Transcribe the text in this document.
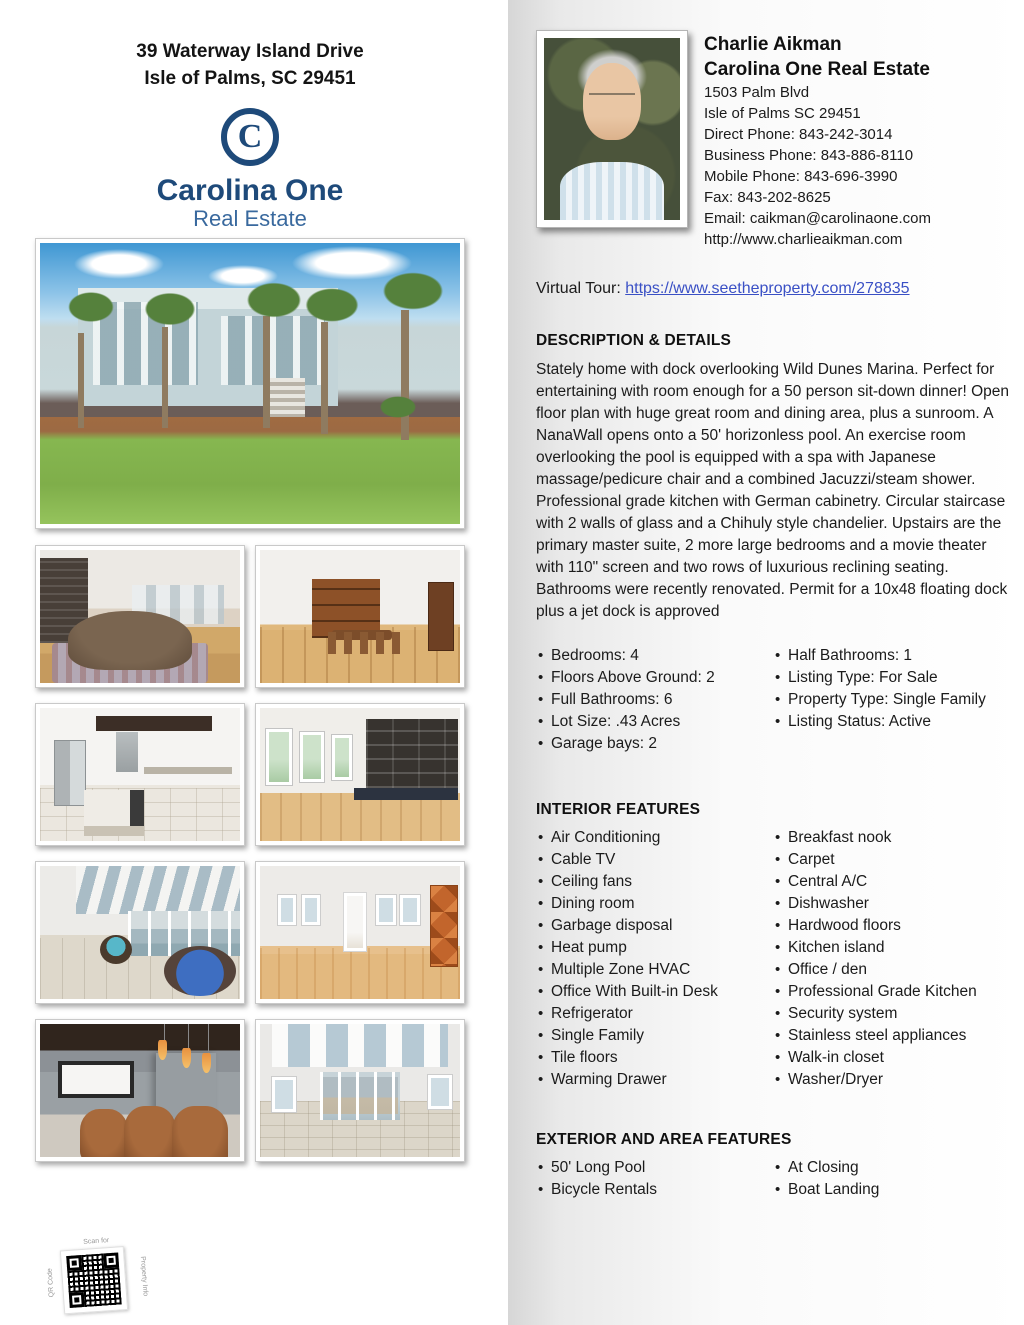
39 Waterway Island Drive
Isle of Palms, SC 29451
C
Carolina One
Real Estate
Scan for
QR Code	Property Info
Charlie Aikman
Carolina One Real Estate
1503 Palm Blvd
Isle of Palms SC 29451
Direct Phone: 843-242-3014
Business Phone: 843-886-8110
Mobile Phone: 843-696-3990
Fax: 843-202-8625
Email: caikman@carolinaone.com
http://www.charlieaikman.com
Virtual Tour: https://www.seetheproperty.com/278835
DESCRIPTION & DETAILS
Stately home with dock overlooking Wild Dunes Marina. Perfect for entertaining with room enough for a 50 person sit-down dinner! Open floor plan with huge great room and dining area, plus a sunroom. A NanaWall opens onto a 50' horizonless pool. An exercise room overlooking the pool is equipped with a spa with Japanese massage/pedicure chair and a combined Jacuzzi/steam shower. Professional grade kitchen with German cabinetry. Circular staircase with 2 walls of glass and a Chihuly style chandelier. Upstairs are the primary master suite, 2 more large bedrooms and a movie theater with 110" screen and two rows of luxurious reclining seating. Bathrooms were recently renovated. Permit for a 10x48 floating dock plus a jet dock is approved
• Bedrooms: 4
• Floors Above Ground: 2
• Full Bathrooms: 6
• Lot Size: .43 Acres
• Garage bays: 2
• Half Bathrooms: 1
• Listing Type: For Sale
• Property Type: Single Family
• Listing Status: Active
INTERIOR FEATURES
• Air Conditioning
• Cable TV
• Ceiling fans
• Dining room
• Garbage disposal
• Heat pump
• Multiple Zone HVAC
• Office With Built-in Desk
• Refrigerator
• Single Family
• Tile floors
• Warming Drawer
• Breakfast nook
• Carpet
• Central A/C
• Dishwasher
• Hardwood floors
• Kitchen island
• Office / den
• Professional Grade Kitchen
• Security system
• Stainless steel appliances
• Walk-in closet
• Washer/Dryer
EXTERIOR AND AREA FEATURES
• 50' Long Pool
• Bicycle Rentals
• At Closing
• Boat Landing
